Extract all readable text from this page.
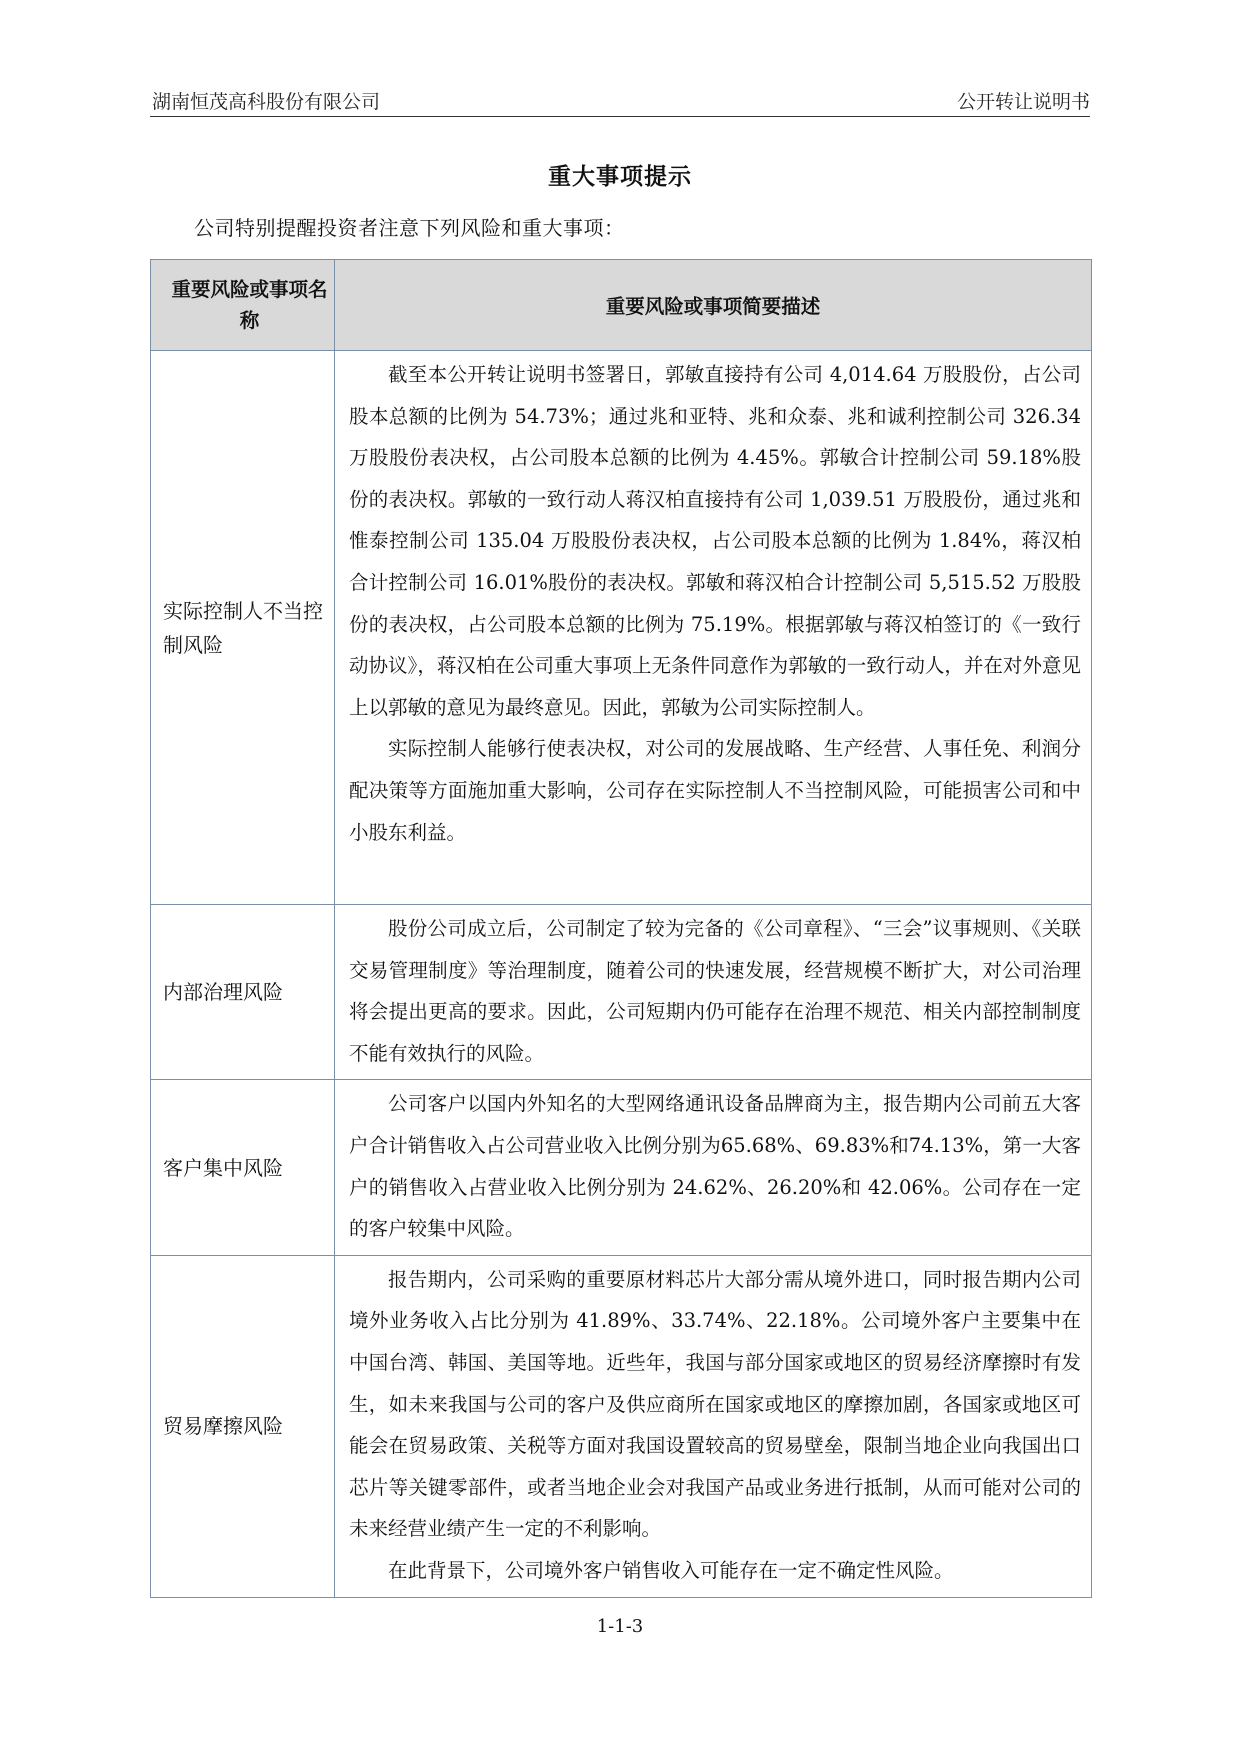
湖南恒茂高科股份有限公司	公开转让说明书
重大事项提示
公司特别提醒投资者注意下列风险和重大事项：
重要风险或事项名称	重要风险或事项简要描述
实际控制人不当控制风险	截至本公开转让说明书签署日，郭敏直接持有公司 4,014.64 万股股份，占公司股本总额的比例为 54.73%；通过兆和亚特、兆和众泰、兆和诚利控制公司 326.34 万股股份表决权，占公司股本总额的比例为 4.45%。郭敏合计控制公司 59.18%股份的表决权。郭敏的一致行动人蒋汉柏直接持有公司 1,039.51 万股股份，通过兆和惟泰控制公司 135.04 万股股份表决权，占公司股本总额的比例为 1.84%，蒋汉柏合计控制公司 16.01%股份的表决权。郭敏和蒋汉柏合计控制公司 5,515.52 万股股份的表决权，占公司股本总额的比例为 75.19%。根据郭敏与蒋汉柏签订的《一致行动协议》，蒋汉柏在公司重大事项上无条件同意作为郭敏的一致行动人，并在对外意见上以郭敏的意见为最终意见。因此，郭敏为公司实际控制人。

实际控制人能够行使表决权，对公司的发展战略、生产经营、人事任免、利润分配决策等方面施加重大影响，公司存在实际控制人不当控制风险，可能损害公司和中小股东利益。

内部治理风险	股份公司成立后，公司制定了较为完备的《公司章程》、“三会”议事规则、《关联交易管理制度》等治理制度，随着公司的快速发展，经营规模不断扩大，对公司治理将会提出更高的要求。因此，公司短期内仍可能存在治理不规范、相关内部控制制度不能有效执行的风险。

客户集中风险	公司客户以国内外知名的大型网络通讯设备品牌商为主，报告期内公司前五大客户合计销售收入占公司营业收入比例分别为65.68%、69.83%和74.13%，第一大客户的销售收入占营业收入比例分别为 24.62%、26.20%和 42.06%。公司存在一定的客户较集中风险。

贸易摩擦风险	报告期内，公司采购的重要原材料芯片大部分需从境外进口，同时报告期内公司境外业务收入占比分别为 41.89%、33.74%、22.18%。公司境外客户主要集中在中国台湾、韩国、美国等地。近些年，我国与部分国家或地区的贸易经济摩擦时有发生，如未来我国与公司的客户及供应商所在国家或地区的摩擦加剧，各国家或地区可能会在贸易政策、关税等方面对我国设置较高的贸易壁垒，限制当地企业向我国出口芯片等关键零部件，或者当地企业会对我国产品或业务进行抵制，从而可能对公司的未来经营业绩产生一定的不利影响。

在此背景下，公司境外客户销售收入可能存在一定不确定性风险。

1-1-3
